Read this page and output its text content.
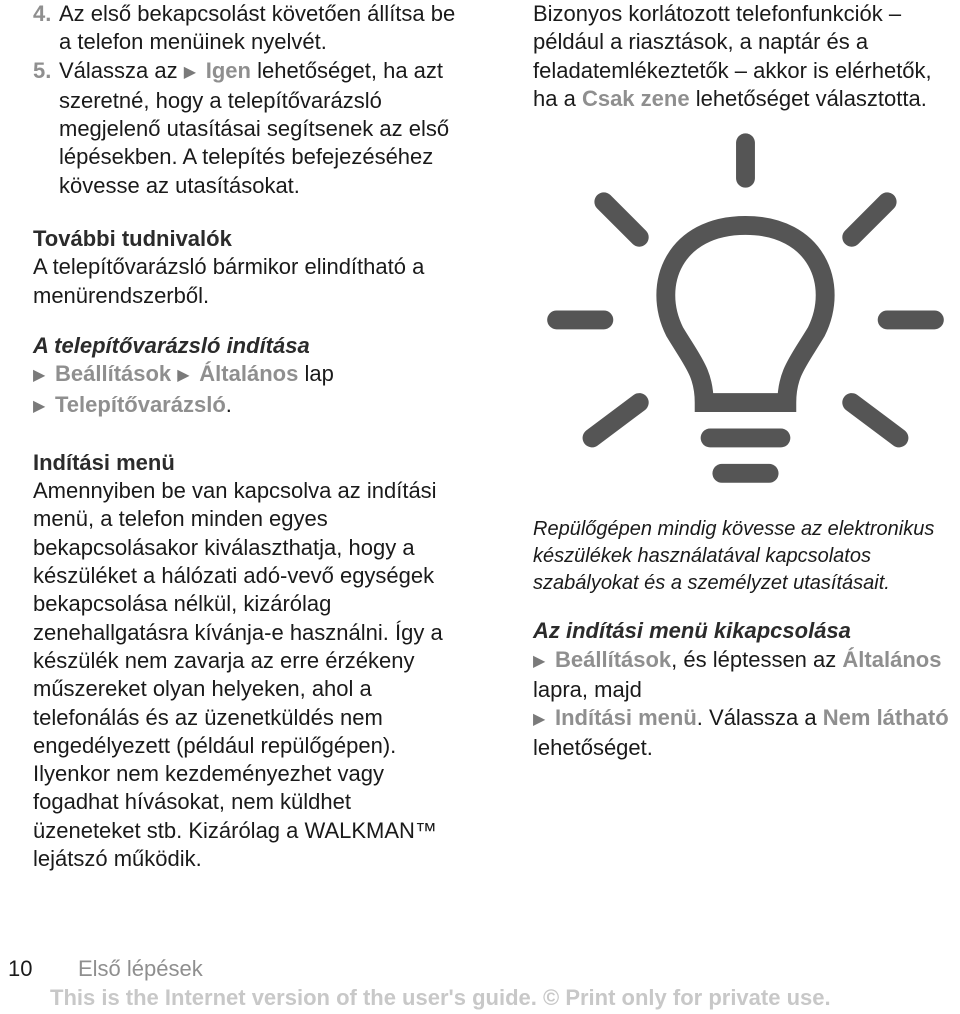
4. Az első bekapcsolást követően állítsa be a telefon menüinek nyelvét.

5. Válassza az ▶ Igen lehetőséget, ha azt szeretné, hogy a telepítővarázsló megjelenő utasításai segítsenek az első lépésekben. A telepítés befejezéséhez kövesse az utasításokat.

További tudnivalók

A telepítővarázsló bármikor elindítható a menürendszerből.

A telepítővarázsló indítása

▶ Beállítások ▶ Általános lap
▶ Telepítővarázsló.

Indítási menü

Amennyiben be van kapcsolva az indítási menü, a telefon minden egyes bekapcsolásakor kiválaszthatja, hogy a készüléket a hálózati adó-vevő egységek bekapcsolása nélkül, kizárólag zenehallgatásra kívánja-e használni. Így a készülék nem zavarja az erre érzékeny műszereket olyan helyeken, ahol a telefonálás és az üzenetküldés nem engedélyezett (például repülőgépen). Ilyenkor nem kezdeményezhet vagy fogadhat hívásokat, nem küldhet üzeneteket stb. Kizárólag a WALKMAN™ lejátszó működik.

Bizonyos korlátozott telefonfunkciók – például a riasztások, a naptár és a feladatemlékeztetők – akkor is elérhetők, ha a Csak zene lehetőséget választotta.

Repülőgépen mindig kövesse az elektronikus készülékek használatával kapcsolatos szabályokat és a személyzet utasításait.

Az indítási menü kikapcsolása

▶ Beállítások, és léptessen az Általános lapra, majd
▶ Indítási menü. Válassza a Nem látható lehetőséget.

10 Első lépések
This is the Internet version of the user's guide. © Print only for private use.
